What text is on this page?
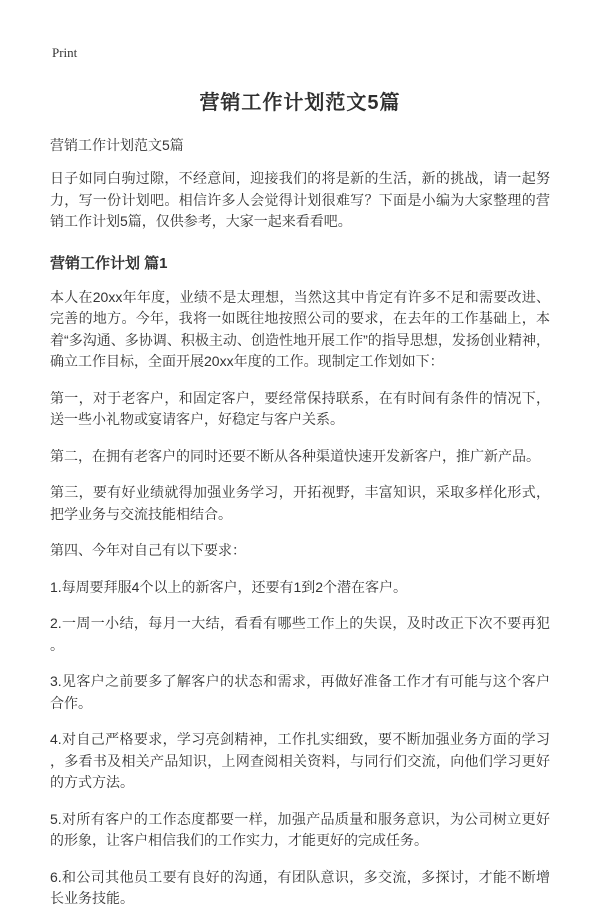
Print
营销工作计划范文5篇

营销工作计划范文5篇

日子如同白驹过隙，不经意间，迎接我们的将是新的生活，新的挑战，请一起努力，写一份计划吧。相信许多人会觉得计划很难写？下面是小编为大家整理的营销工作计划5篇，仅供参考，大家一起来看看吧。

营销工作计划 篇1

本人在20xx年年度，业绩不是太理想，当然这其中肯定有许多不足和需要改进、完善的地方。今年，我将一如既往地按照公司的要求，在去年的工作基础上，本着“多沟通、多协调、积极主动、创造性地开展工作”的指导思想，发扬创业精神，确立工作目标，全面开展20xx年度的工作。现制定工作划如下：

第一，对于老客户，和固定客户，要经常保持联系，在有时间有条件的情况下，送一些小礼物或宴请客户，好稳定与客户关系。

第二，在拥有老客户的同时还要不断从各种渠道快速开发新客户，推广新产品。

第三，要有好业绩就得加强业务学习，开拓视野，丰富知识，采取多样化形式，把学业务与交流技能相结合。

第四、今年对自己有以下要求：

1.每周要拜服4个以上的新客户，还要有1到2个潜在客户。

2.一周一小结，每月一大结，看看有哪些工作上的失误，及时改正下次不要再犯。

3.见客户之前要多了解客户的状态和需求，再做好准备工作才有可能与这个客户合作。

4.对自己严格要求，学习亮剑精神，工作扎实细致，要不断加强业务方面的学习，多看书及相关产品知识，上网查阅相关资料，与同行们交流，向他们学习更好的方式方法。

5.对所有客户的工作态度都要一样，加强产品质量和服务意识，为公司树立更好的形象，让客户相信我们的工作实力，才能更好的完成任务。

6.和公司其他员工要有良好的沟通，有团队意识，多交流，多探讨，才能不断增长业务技能。
